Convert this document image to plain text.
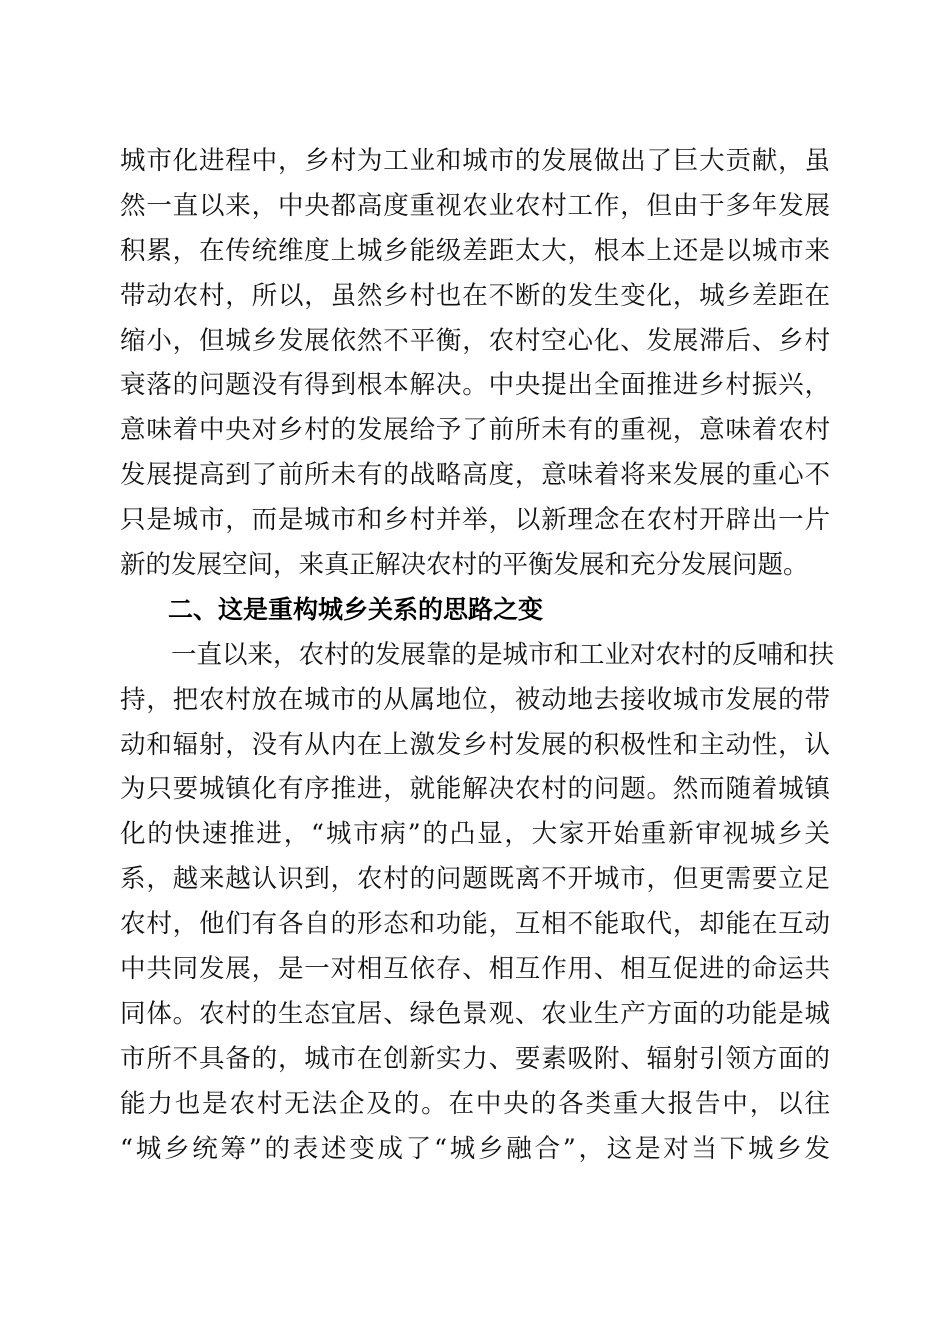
城市化进程中，乡村为工业和城市的发展做出了巨大贡献，虽
然一直以来，中央都高度重视农业农村工作，但由于多年发展
积累，在传统维度上城乡能级差距太大，根本上还是以城市来
带动农村，所以，虽然乡村也在不断的发生变化，城乡差距在
缩小，但城乡发展依然不平衡，农村空心化、发展滞后、乡村
衰落的问题没有得到根本解决。中央提出全面推进乡村振兴，
意味着中央对乡村的发展给予了前所未有的重视，意味着农村
发展提高到了前所未有的战略高度，意味着将来发展的重心不
只是城市，而是城市和乡村并举，以新理念在农村开辟出一片
新的发展空间，来真正解决农村的平衡发展和充分发展问题。
二、这是重构城乡关系的思路之变
一直以来，农村的发展靠的是城市和工业对农村的反哺和扶
持，把农村放在城市的从属地位，被动地去接收城市发展的带
动和辐射，没有从内在上激发乡村发展的积极性和主动性，认
为只要城镇化有序推进，就能解决农村的问题。然而随着城镇
化的快速推进，“城市病”的凸显，大家开始重新审视城乡关
系，越来越认识到，农村的问题既离不开城市，但更需要立足
农村，他们有各自的形态和功能，互相不能取代，却能在互动
中共同发展，是一对相互依存、相互作用、相互促进的命运共
同体。农村的生态宜居、绿色景观、农业生产方面的功能是城
市所不具备的，城市在创新实力、要素吸附、辐射引领方面的
能力也是农村无法企及的。在中央的各类重大报告中，以往
“城乡统筹”的表述变成了“城乡融合”，这是对当下城乡发
